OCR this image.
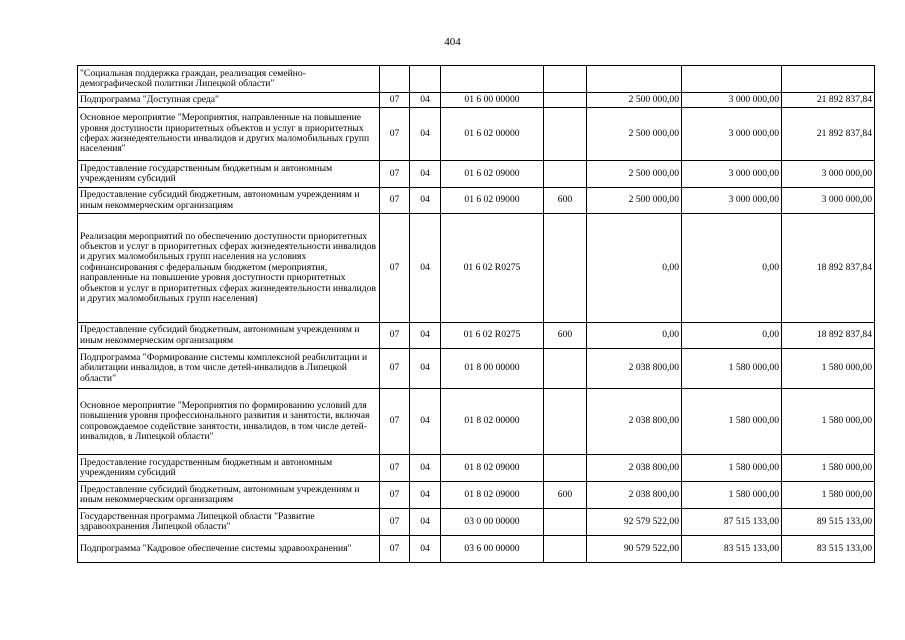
404
"Социальная поддержка граждан, реализация семейно-демографической политики Липецкой области"							
Подпрограмма "Доступная среда"	07	04	01 6 00 00000		2 500 000,00	3 000 000,00	21 892 837,84
Основное мероприятие "Мероприятия, направленные на повышение уровня доступности приоритетных объектов и услуг в приоритетных сферах жизнедеятельности инвалидов и других маломобильных групп населения"	07	04	01 6 02 00000		2 500 000,00	3 000 000,00	21 892 837,84
Предоставление государственным бюджетным и автономным учреждениям субсидий	07	04	01 6 02 09000		2 500 000,00	3 000 000,00	3 000 000,00
Предоставление субсидий бюджетным, автономным учреждениям и иным некоммерческим организациям	07	04	01 6 02 09000	600	2 500 000,00	3 000 000,00	3 000 000,00
Реализация мероприятий по обеспечению доступности приоритетных объектов и услуг в приоритетных сферах жизнедеятельности инвалидов и других маломобильных групп населения на условиях софинансирования с федеральным бюджетом (мероприятия, направленные на повышение уровня доступности приоритетных объектов и услуг в приоритетных сферах жизнедеятельности инвалидов и других маломобильных групп населения)	07	04	01 6 02 R0275		0,00	0,00	18 892 837,84
Предоставление субсидий бюджетным, автономным учреждениям и иным некоммерческим организациям	07	04	01 6 02 R0275	600	0,00	0,00	18 892 837,84
Подпрограмма "Формирование системы комплексной реабилитации и абилитации инвалидов, в том числе детей-инвалидов в Липецкой области"	07	04	01 8 00 00000		2 038 800,00	1 580 000,00	1 580 000,00
Основное мероприятие "Мероприятия по формированию условий для повышения уровня профессионального развития и занятости, включая сопровождаемое содействие занятости, инвалидов, в том числе детей-инвалидов, в Липецкой области"	07	04	01 8 02 00000		2 038 800,00	1 580 000,00	1 580 000,00
Предоставление государственным бюджетным и автономным учреждениям субсидий	07	04	01 8 02 09000		2 038 800,00	1 580 000,00	1 580 000,00
Предоставление субсидий бюджетным, автономным учреждениям и иным некоммерческим организациям	07	04	01 8 02 09000	600	2 038 800,00	1 580 000,00	1 580 000,00
Государственная программа Липецкой области "Развитие здравоохранения Липецкой области"	07	04	03 0 00 00000		92 579 522,00	87 515 133,00	89 515 133,00
Подпрограмма "Кадровое обеспечение системы здравоохранения"	07	04	03 6 00 00000		90 579 522,00	83 515 133,00	83 515 133,00
